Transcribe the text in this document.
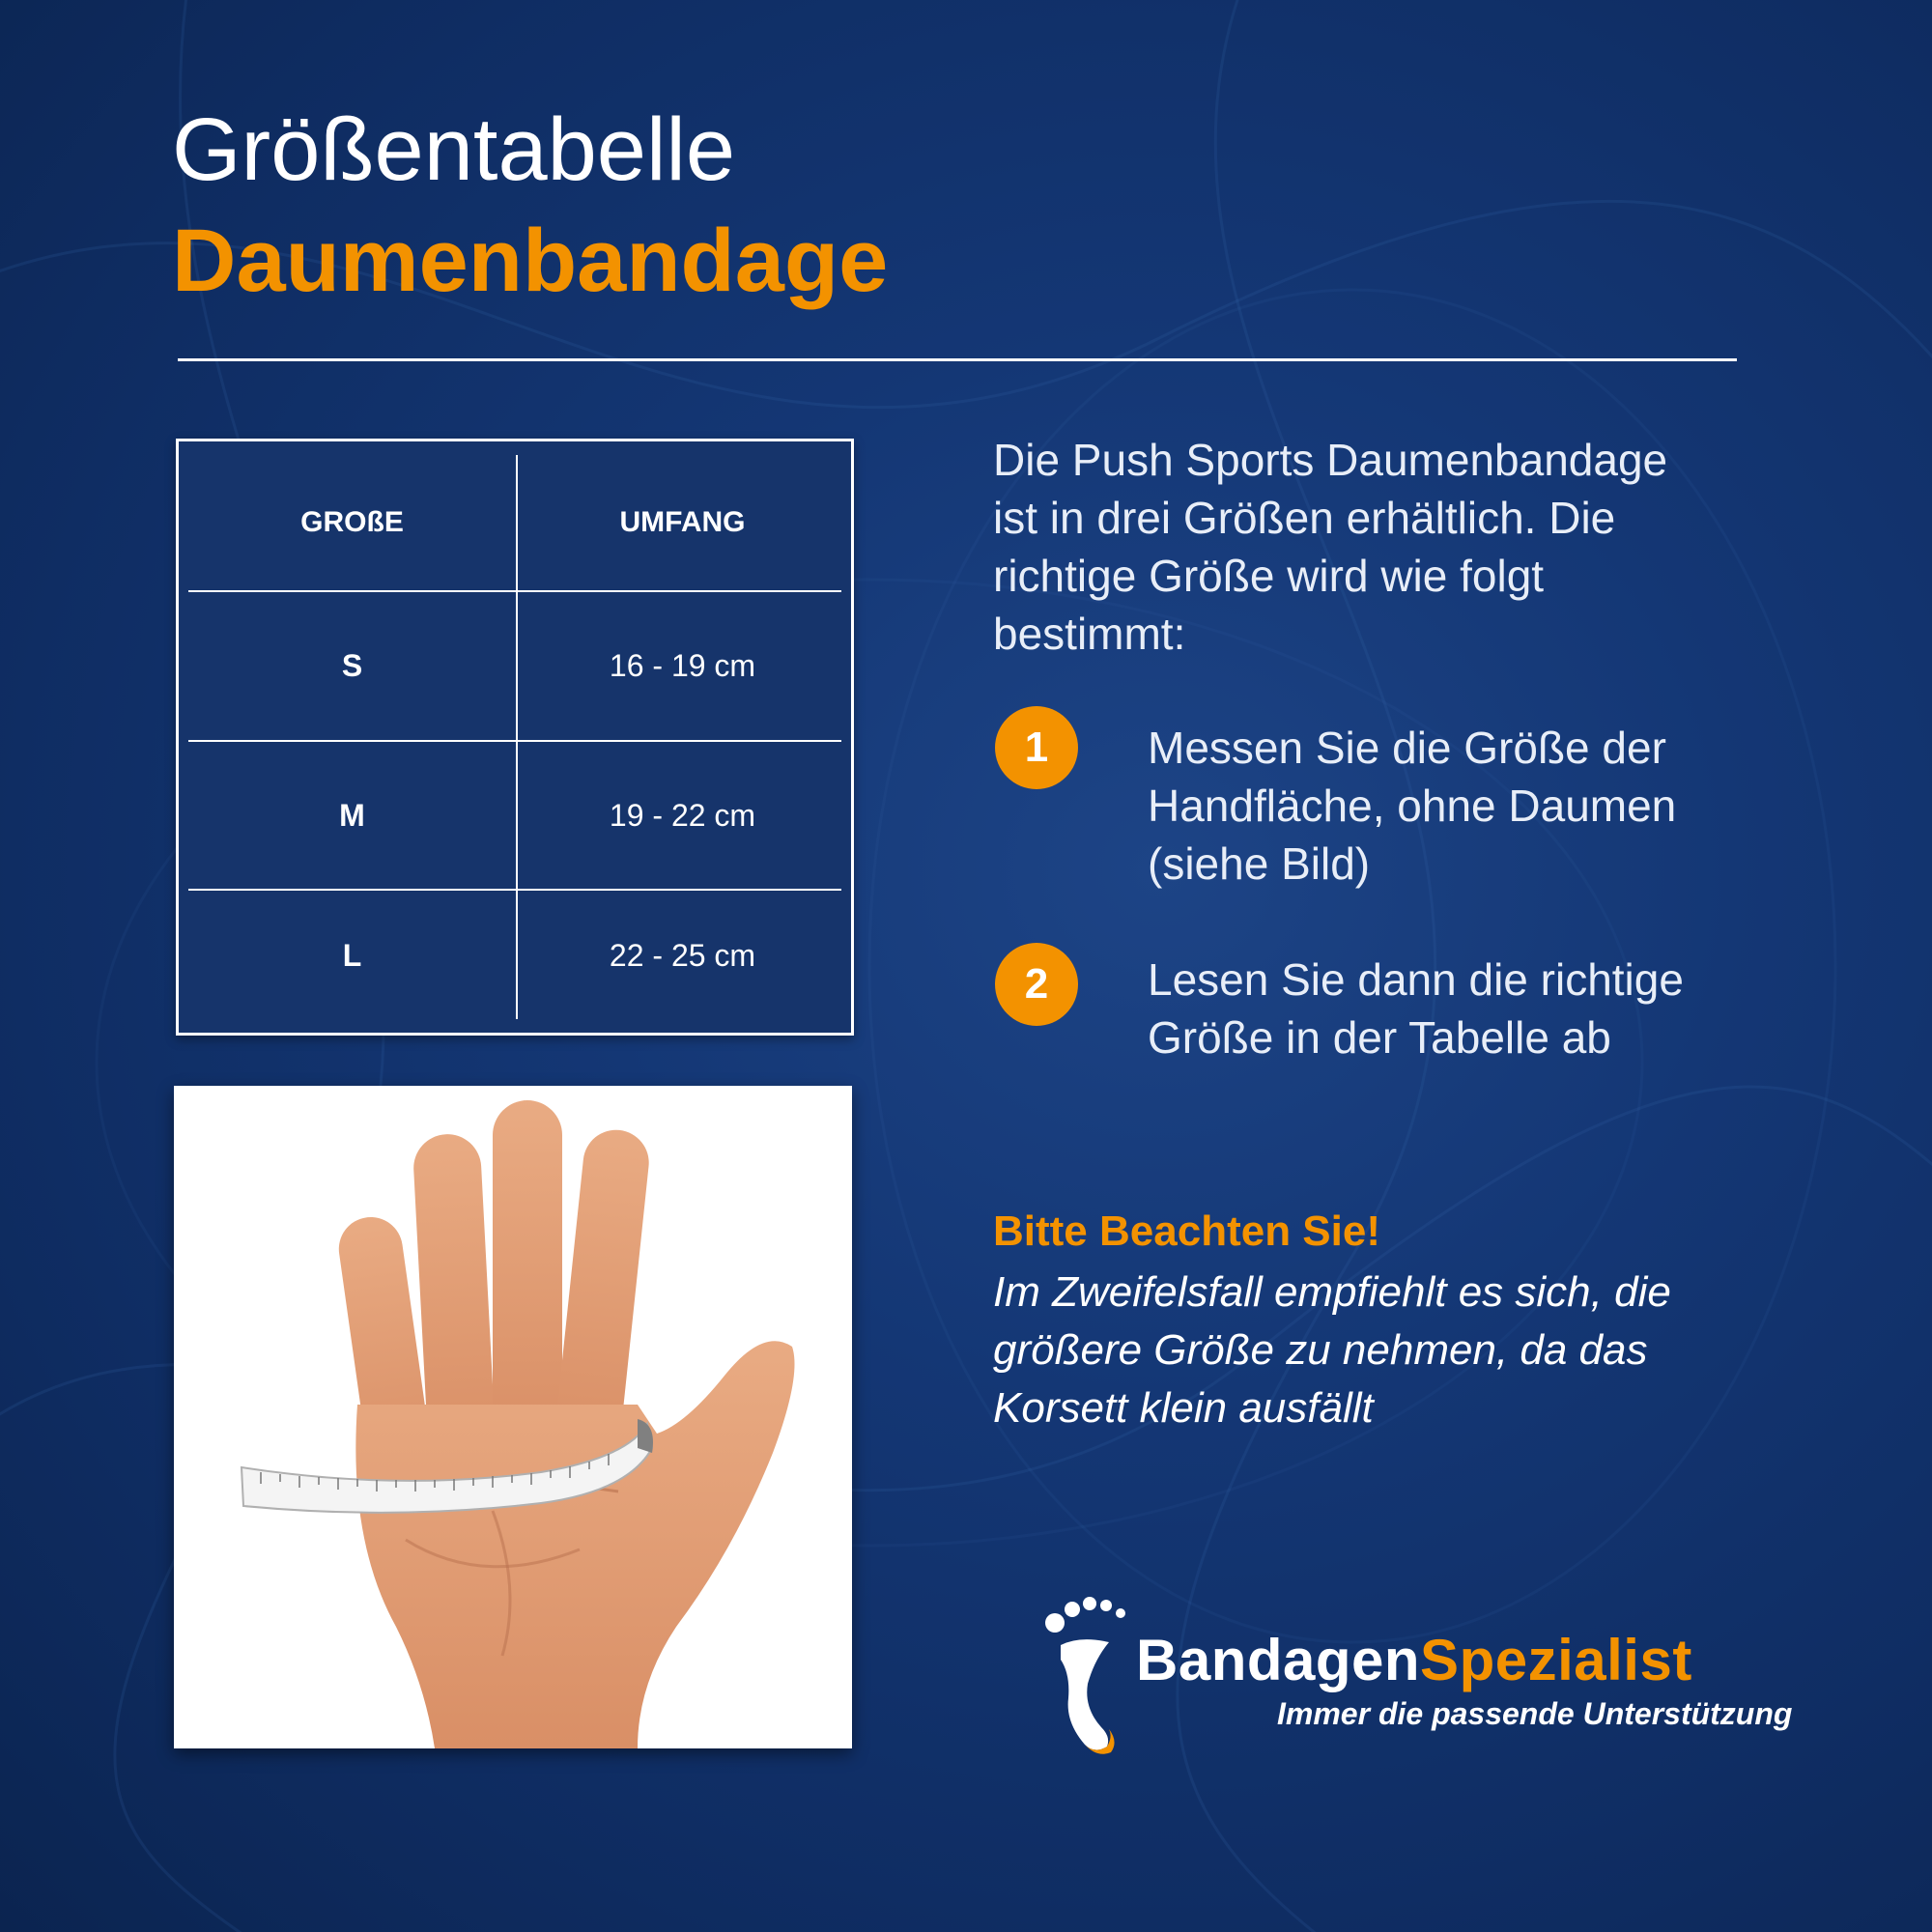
Größentabelle
Daumenbandage
GROßE	UMFANG
S	16 - 19 cm
M	19 - 22 cm
L	22 - 25 cm
Die Push Sports Daumenbandage
ist in drei Größen erhältlich. Die
richtige Größe wird wie folgt
bestimmt:
1	Messen Sie die Größe der
Handfläche, ohne Daumen
(siehe Bild)
2	Lesen Sie dann die richtige
Größe in der Tabelle ab
Bitte Beachten Sie!
Im Zweifelsfall empfiehlt es sich, die
größere Größe zu nehmen, da das
Korsett klein ausfällt
BandagenSpezialist
Immer die passende Unterstützung
